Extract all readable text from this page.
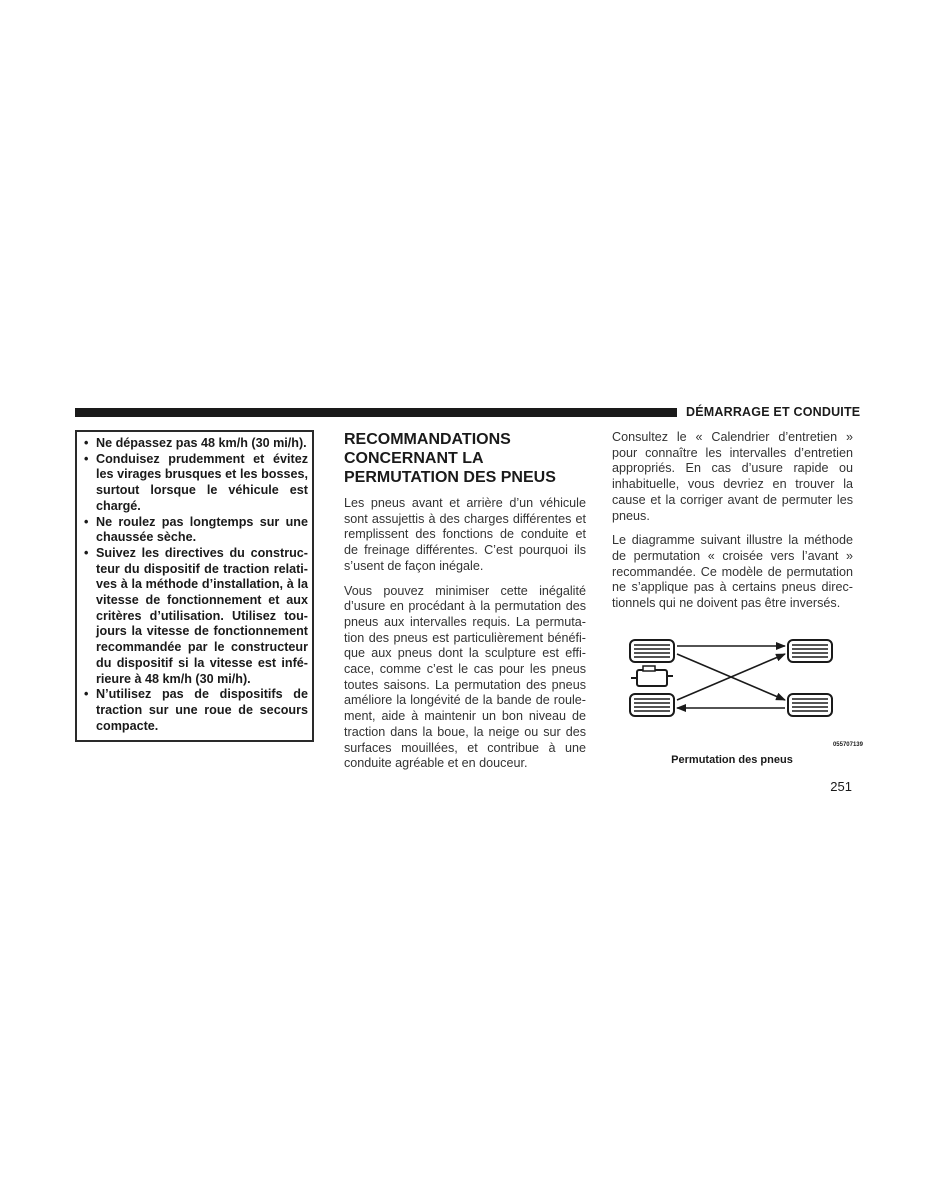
DÉMARRAGE ET CONDUITE
• Ne dépassez pas 48 km/h (30 mi/h).
• Conduisez prudemment et évitez les virages brusques et les bosses, surtout lorsque le véhicule est chargé.
• Ne roulez pas longtemps sur une chaussée sèche.
• Suivez les directives du constructeur du dispositif de traction relatives à la méthode d’installation, à la vitesse de fonctionnement et aux critères d’utilisation. Utilisez toujours la vitesse de fonctionnement recommandée par le constructeur du dispositif si la vitesse est inférieure à 48 km/h (30 mi/h).
• N’utilisez pas de dispositifs de traction sur une roue de secours compacte.
RECOMMANDATIONS CONCERNANT LA PERMUTATION DES PNEUS

Les pneus avant et arrière d’un véhicule sont assujettis à des charges différentes et remplissent des fonctions de conduite et de freinage différentes. C’est pourquoi ils s’usent de façon inégale.

Vous pouvez minimiser cette inégalité d’usure en procédant à la permutation des pneus aux intervalles requis. La permutation des pneus est particulièrement bénéfique aux pneus dont la sculpture est efficace, comme c’est le cas pour les pneus toutes saisons. La permutation des pneus améliore la longévité de la bande de roulement, aide à maintenir un bon niveau de traction dans la boue, la neige ou sur des surfaces mouillées, et contribue à une conduite agréable et en douceur.

Consultez le « Calendrier d’entretien » pour connaître les intervalles d’entretien appropriés. En cas d’usure rapide ou inhabituelle, vous devriez en trouver la cause et la corriger avant de permuter les pneus.

Le diagramme suivant illustre la méthode de permutation « croisée vers l’avant » recommandée. Ce modèle de permutation ne s’applique pas à certains pneus directionnels qui ne doivent pas être inversés.

055707139
Permutation des pneus
251
